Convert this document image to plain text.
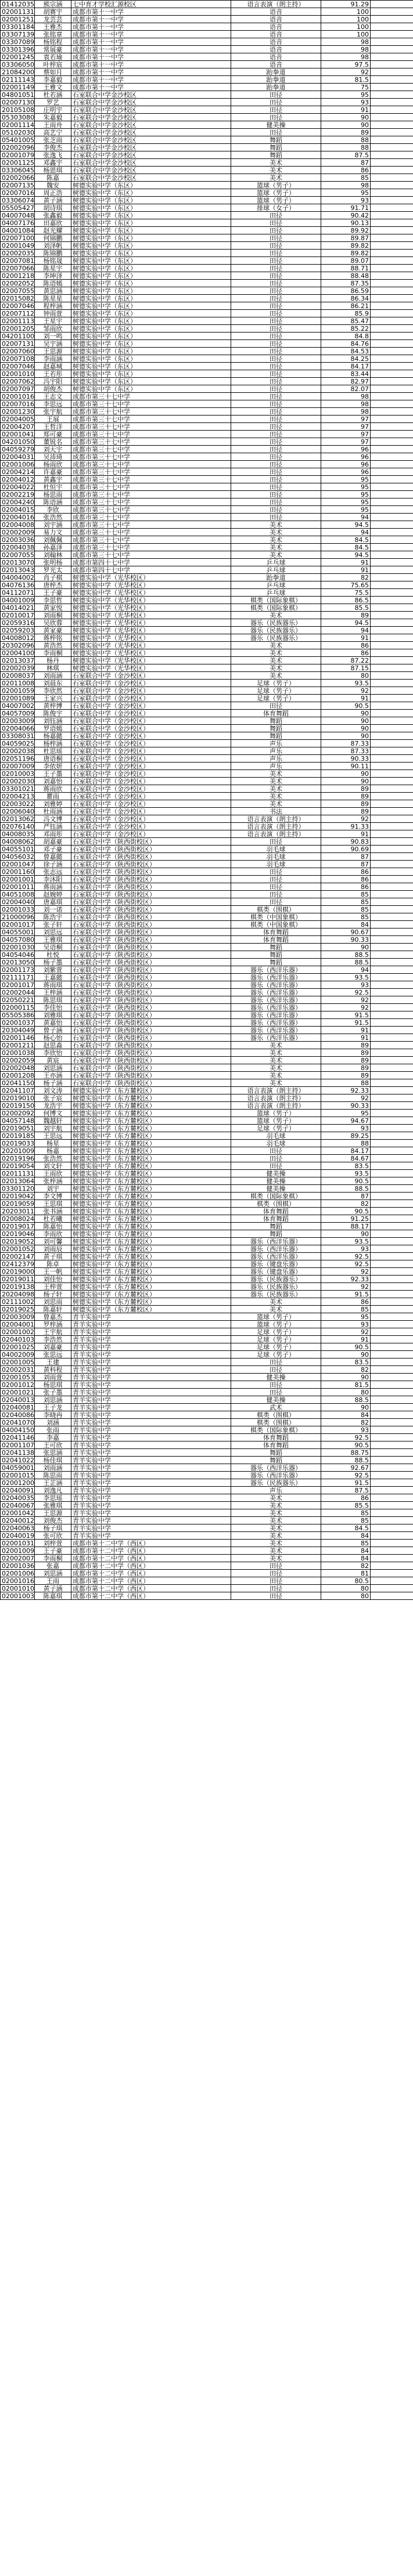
01412035	熊宗涵	七中育才学校汇源校区	语言表演（朗主持）	91.29	
02001131	胡赛宇	成都市第十一中学	语音	100	
02001251	龙芸芸	成都市第十一中学	语音	100	
03301184	王雅杰	成都市第十一中学	语音	100	
03307139	张铭章	成都市第十一中学	语音	100	
03307089	杨铭程	成都市第十一中学	语音	98	
03301396	常展豪	成都市第十一中学	语音	98	
02001245	袁若瑜	成都市第十一中学	语音	98	
03306050	叶梓宸	成都市第十一中学	语音	97.5	
21084200	蔡如月	成都市第十一中学	跆拳道	92	
02111143	李嘉毅	成都市第十一中学	跆拳道	81.5	
02001149	王雅文	成都市第十一中学	跆拳道	75	
04801051	杜若涵	石室联合中学金沙校区	田径	95	
02007130	罗艺	石室联合中学金沙校区	田径	93	
20105108	庄明宇	石室联合中学金沙校区	田径	91	
05303080	朱嘉毅	石室联合中学金沙校区	田径	90	
02001114	王雨舟	石室联合中学金沙校区	健美操	90	
05102030	高艺宁	石室联合中学金沙校区	田径	89	
05401005	张芝雨	石室联合中学金沙校区	舞蹈	88	
02002096	李俊杰	石室联合中学金沙校区	舞蹈	88	
02001079	张逸飞	石室联合中学金沙校区	舞蹈	87.5	
02001125	邓鑫宇	石室联合中学金沙校区	美术	87	
03306045	杨恩琪	石室联合中学金沙校区	美术	86	
02002066	陈嘉	石室联合中学金沙校区	美术	85	
02007135	魏安	树德实验中学（东区）	篮球（男子）	98	
02007016	周正浩	树德实验中学（东区）	篮球（男子）	95	
03306074	黄子涵	树德实验中学（东区）	篮球（男子）	93	
05505427	胡诗琪	树德实验中学（东区）	排球（女子）	91.71	
04007048	张鑫毅	树德实验中学（东区）	田径	90.42	
04007176	田嘉欣	树德实验中学（东区）	田径	90.13	
04001084	赵光耀	树德实验中学（东区）	田径	89.92	
02007100	何锦鹏	树德实验中学（东区）	田径	89.87	
02001049	刘泽帆	树德实验中学（东区）	田径	89.82	
02002035	陈锦鹏	树德实验中学（东区）	田径	89.82	
02007081	杨铭晟	树德实验中学（东区）	田径	89.07	
02007066	陈星宇	树德实验中学（东区）	田径	88.71	
02001218	李坤泽	树德实验中学（东区）	田径	88.48	
02002052	陈语嫣	树德实验中学（东区）	田径	87.35	
02007055	黄思涵	树德实验中学（东区）	田径	86.59	
02015082	陈星星	树德实验中学（东区）	田径	86.34	
02007046	程梓涵	树德实验中学（东区）	田径	86.21	
02007112	钟雨萱	树德实验中学（东区）	田径	85.9	
02001113	王星宇	树德实验中学（东区）	田径	85.47	
02001205	邹雨欣	树德实验中学（东区）	田径	85.22	
04201100	刘一鸣	树德实验中学（东区）	田径	84.8	
02007131	吴宇涵	树德实验中学（东区）	田径	84.76	
02007060	王思源	树德实验中学（东区）	田径	84.53	
02007108	李雨涵	树德实验中学（东区）	田径	84.25	
02007046	赵嘉城	树德实验中学（东区）	田径	84.17	
02001010	王若彤	树德实验中学（东区）	田径	83.44	
02007062	冯宇阳	树德实验中学（东区）	田径	82.97	
02007097	胡俊杰	树德实验中学（东区）	田径	82.07	
02001016	王志文	成都市第三十七中学	田径	98	
02007016	李思远	成都市第三十七中学	田径	98	
02001230	张宇航	成都市第三十七中学	田径	98	
02004005	王展	成都市第三十七中学	田径	97	
02004207	王哲洋	成都市第三十七中学	田径	97	
02001041	郑可豪	成都市第三十七中学	田径	97	
04201050	董锐名	成都市第三十七中学	田径	97	
04059279	刘天宇	成都市第三十七中学	田径	96	
02004031	吴沛琦	成都市第三十七中学	田径	96	
02001006	杨雨欣	成都市第三十七中学	田径	96	
02004214	许嘉豪	成都市第三十七中学	田径	96	
02004012	黄鑫宇	成都市第三十七中学	田径	95	
02004022	杜恒宇	成都市第三十七中学	田径	95	
02002219	杨思雨	成都市第三十七中学	田径	95	
02004240	陈语涵	成都市第三十七中学	田径	95	
02004015	李欣	成都市第三十七中学	田径	95	
02004016	张浩然	成都市第三十七中学	田径	94	
02004008	刘宇涵	成都市第三十七中学	美术	94.5	
02002009	易力文	成都市第三十七中学	美术	94	
02003036	刘佩佩	成都市第三十七中学	美术	84.5	
02004038	孙嘉泽	成都市第三十七中学	美术	84.5	
02007055	刘翰林	成都市第三十七中学	美术	94.5	
02013070	张明杨	成都市第四十七中学	乒乓球	91	
02013043	罗光太	成都市第四十七中学	乒乓球	91	
04004002	肖子棋	树德实验中学（光华校区）	跆拳道	82	
04076136	唐梓杰	树德实验中学（光华校区）	乒乓球	75.65	
04112071	王子豪	树德实验中学（光华校区）	乒乓球	75.5	
04001009	李思哲	树德实验中学（光华校区）	棋类（国际象棋）	86.5	
04014021	黄家悦	树德实验中学（光华校区）	棋类（国际象棋）	85.5	
02010017	刘雨桐	树德实验中学（光华校区）	美术	89	
02059316	吴欣蓉	树德实验中学（光华校区）	器乐（民族器乐）	94.5	
02059203	黄家豪	树德实验中学（光华校区）	器乐（民族器乐）	94	
04008012	蒋梓铭	树德实验中学（光华校区）	器乐（民族器乐）	91	
20302096	黄浩然	树德实验中学（光华校区）	美术	86	
02004100	李雨桐	树德实验中学（光华校区）	美术	86	
02013037	杨丹	树德实验中学（光华校区）	美术	87.22	
02002039	林琪	树德实验中学（光华校区）	美术	87.15	
02008037	刘雨涵	石室联合中学（金沙校区）	美术	80	
02011008	刘晨东	石室联合中学（金沙校区）	足球（男子）	93.5	
02001059	李欣然	石室联合中学（金沙校区）	足球（男子）	92	
02001089	王家兴	石室联合中学（金沙校区）	足球（男子）	91	
04007002	黄梓博	石室联合中学（金沙校区）	田径	90.5	
04057009	陈俊宇	石室联合中学（金沙校区）	体育舞蹈	90	
02003009	刘钰涵	石室联合中学（金沙校区）	舞蹈	90	
02004066	罗语嫣	石室联合中学（金沙校区）	舞蹈	90	
03308031	杨嘉懿	石室联合中学（金沙校区）	舞蹈	90	
04059025	杨梓涵	石室联合中学（金沙校区）	声乐	87.33	
02002038	杜思瑶	石室联合中学（金沙校区）	声乐	87.33	
02051196	唐语桐	石室联合中学（金沙校区）	声乐	90.33	
02007009	李依妍	石室联合中学（金沙校区）	声乐	90.11	
02010003	王子墨	石室联合中学（金沙校区）	美术	90	
02002030	刘嘉怡	石室联合中学（金沙校区）	美术	90	
03301021	蒋雨欣	石室联合中学（金沙校区）	美术	89	
02004213	瞿雨	石室联合中学（金沙校区）	美术	89	
02003022	刘雅婷	石室联合中学（金沙校区）	美术	89	
02006040	杜雨涵	石室联合中学（金沙校区）	书法	89	
02013062	冯文博	石室联合中学（金沙校区）	语言表演（朗主持）	92	
02076140	严钰涵	石室联合中学（金沙校区）	语言表演（朗主持）	91.33	
04008035	邓雨彤	石室联合中学（金沙校区）	语言表演（朗主持）	91	
04008062	胡嘉豪	石室联合中学（陕西街校区）	田径	90.83	
04055101	邓子豪	石室联合中学（陕西街校区）	羽毛球	90.69	
04056032	曾嘉懿	石室联合中学（陕西街校区）	羽毛球	87	
02001047	徐子涵	石室联合中学（陕西街校区）	羽毛球	87	
02001160	张志远	石室联合中学（陕西街校区）	田径	86	
02001001	李沐阳	石室联合中学（陕西街校区）	田径	86	
02001011	蒋雨涵	石室联合中学（陕西街校区）	田径	86	
04051008	赵婉婷	石室联合中学（陕西街校区）	田径	85	
02004040	唐嘉琪	石室联合中学（陕西街校区）	田径	85	
02001033	刘一诺	石室联合中学（陕西街校区）	棋类（围棋）	85	
21000096	陈浩宇	石室联合中学（陕西街校区）	棋类（中国象棋）	85	
02001017	张子轩	石室联合中学（陕西街校区）	棋类（中国象棋）	84	
04055001	刘思远	石室联合中学（陕西街校区）	体育舞蹈	90.67	
04057080	王雅琪	石室联合中学（陕西街校区）	体育舞蹈	90.33	
02001030	吴语桐	石室联合中学（陕西街校区）	舞蹈	90	
04054046	杜悦	石室联合中学（陕西街校区）	舞蹈	88.5	
02013050	杨子墨	石室联合中学（陕西街校区）	舞蹈	88.5	
02001173	刘紫萱	石室联合中学（陕西街校区）	器乐（西洋乐器）	94	
02111171	王嘉懿	石室联合中学（陕西街校区）	器乐（西洋乐器）	93.5	
02001017	蒋雨琪	石室联合中学（陕西街校区）	器乐（西洋乐器）	93	
02002044	王梓涵	石室联合中学（陕西街校区）	器乐（西洋乐器）	92.5	
02050221	陈思琪	石室联合中学（陕西街校区）	器乐（西洋乐器）	92	
02000115	李佳怡	石室联合中学（陕西街校区）	器乐（西洋乐器）	92	
05505386	刘雅琪	石室联合中学（陕西街校区）	器乐（西洋乐器）	91.5	
02001037	黄嘉怡	石室联合中学（陕西街校区）	器乐（西洋乐器）	91.5	
20304049	曾子涵	石室联合中学（陕西街校区）	器乐（西洋乐器）	91	
02001146	杨心怡	石室联合中学（陕西街校区）	器乐（西洋乐器）	91	
02001211	赵思淼	石室联合中学（陕西街校区）	美术	89	
02001038	李欣怡	石室联合中学（陕西街校区）	美术	89	
02002059	黄宸	石室联合中学（陕西街校区）	美术	89	
02002048	刘思涵	石室联合中学（陕西街校区）	美术	89	
02001208	王亦涵	石室联合中学（陕西街校区）	美术	89	
02041150	杨子涵	石室联合中学（陕西街校区）	美术	88	
02041107	刘文涛	树德实验中学（东方麓校区）	语言表演（朗主持）	92.33	
02019010	张子宸	树德实验中学（东方麓校区）	语言表演（朗主持）	92	
02019150	龙浩宇	树德实验中学（东方麓校区）	语言表演（朗主持）	90.33	
02002092	何博文	树德实验中学（东方麓校区）	篮球（男子）	95	
04057148	魏越轩	树德实验中学（东方麓校区）	篮球（男子）	94.67	
02019051	刘宇航	树德实验中学（东方麓校区）	足球（男子）	93	
02019185	王思远	树德实验中学（东方麓校区）	羽毛球	89.25	
02019033	杨星	树德实验中学（东方麓校区）	羽毛球	88	
20201009	杨嘉	树德实验中学（东方麓校区）	田径	84.17	
02019196	张浩然	树德实验中学（东方麓校区）	田径	84.67	
02019054	刘文轩	树德实验中学（东方麓校区）	田径	83.5	
02011131	王雨欣	树德实验中学（东方麓校区）	健美操	93.5	
02013064	张梓涵	树德实验中学（东方麓校区）	健美操	90.5	
03301120	刘宇	树德实验中学（东方麓校区）	健美操	88.5	
02019042	李文博	树德实验中学（东方麓校区）	棋类（国际象棋）	87	
02019059	王思琪	树德实验中学（东方麓校区）	棋类（围棋）	82	
20203011	张书涵	树德实验中学（东方麓校区）	体育舞蹈	90.5	
02008024	杜若曦	树德实验中学（东方麓校区）	体育舞蹈	91.25	
02019017	陈嘉怡	树德实验中学（东方麓校区）	舞蹈	88.17	
02019046	李雨欣	树德实验中学（东方麓校区）	舞蹈	90	
02019052	刘可馨	树德实验中学（东方麓校区）	器乐（西洋乐器）	93.5	
02001052	刘雨辰	树德实验中学（东方麓校区）	器乐（西洋乐器）	93	
02002147	黄子琪	树德实验中学（东方麓校区）	器乐（西洋乐器）	92.5	
02412379	陈卓	树德实验中学（东方麓校区）	器乐（键盘乐器）	92.5	
02019000	王一帆	树德实验中学（东方麓校区）	器乐（键盘乐器）	92	
02019011	刘佳怡	树德实验中学（东方麓校区）	器乐（民族器乐）	92.33	
02019138	王梓萱	树德实验中学（东方麓校区）	器乐（民族器乐）	92	
20204098	杨子轩	树德实验中学（东方麓校区）	器乐（民族器乐）	91.5	
02111002	刘思雨	树德实验中学（东方麓校区）	美术	86	
02019025	陈嘉轩	树德实验中学（东方麓校区）	美术	85	
02003009	曾嘉杰	青羊实验中学	篮球（男子）	95	
02004001	罗梓涵	青羊实验中学	篮球（男子）	93	
02001002	王宇航	青羊实验中学	足球（男子）	92	
02040103	李浩然	青羊实验中学	足球（男子）	91	
02001025	刘嘉豪	青羊实验中学	足球（男子）	90.5	
04002009	张思远	青羊实验中学	足球（男子）	90	
02001005	王建	青羊实验中学	田径	83.5	
02002031	黄科程	青羊实验中学	田径	82	
02001053	刘雨萱	青羊实验中学	健美操	90	
02001012	杨思琪	青羊实验中学	田径	81.5	
02001021	张子墨	青羊实验中学	田径	80	
02040013	刘思涵	青羊实验中学	健美操	88.5	
02040081	王子龙	青羊实验中学	武术	90	
02040086	李晓冉	青羊实验中学	棋类（围棋）	84	
02041070	刘涵	青羊实验中学	棋类（围棋）	82	
04004150	张雨	青羊实验中学	棋类（国际象棋）	93	
02041146	李嘉	青羊实验中学	体育舞蹈	92.5	
02001107	王可欣	青羊实验中学	体育舞蹈	90.5	
02041138	张思涵	青羊实验中学	舞蹈	88.75	
02041022	杨佳琪	青羊实验中学	舞蹈	88.5	
04059001	刘雨涵	青羊实验中学	器乐（西洋乐器）	92.67	
02001015	陈思雨	青羊实验中学	器乐（西洋乐器）	92.5	
02001200	王芷涵	青羊实验中学	器乐（民族器乐）	91.5	
02040091	刘逸凡	青羊实验中学	声乐	87.5	
02040035	李思瑶	青羊实验中学	美术	86	
02040067	张雅琪	青羊实验中学	美术	85.5	
02001042	王思源	青羊实验中学	美术	85	
02040012	刘俊杰	青羊实验中学	美术	85	
02040063	杨子琪	青羊实验中学	美术	84.5	
02040019	张可欣	青羊实验中学	美术	84	
02001031	刘梓萱	成都市第十二中学（西区）	美术	85	
02001009	王子豪	成都市第十二中学（西区）	美术	84	
02002007	李雨桐	成都市第十二中学（西区）	美术	84	
02001036	张嘉	成都市第十二中学（西区）	田径	82	
02001006	刘思涵	成都市第十二中学（西区）	田径	81	
02001016	王雨	成都市第十二中学（西区）	田径	80.5	
02001010	黄子涵	成都市第十二中学（西区）	田径	80	
02001003	陈嘉琪	成都市第十二中学（西区）	田径	80	
